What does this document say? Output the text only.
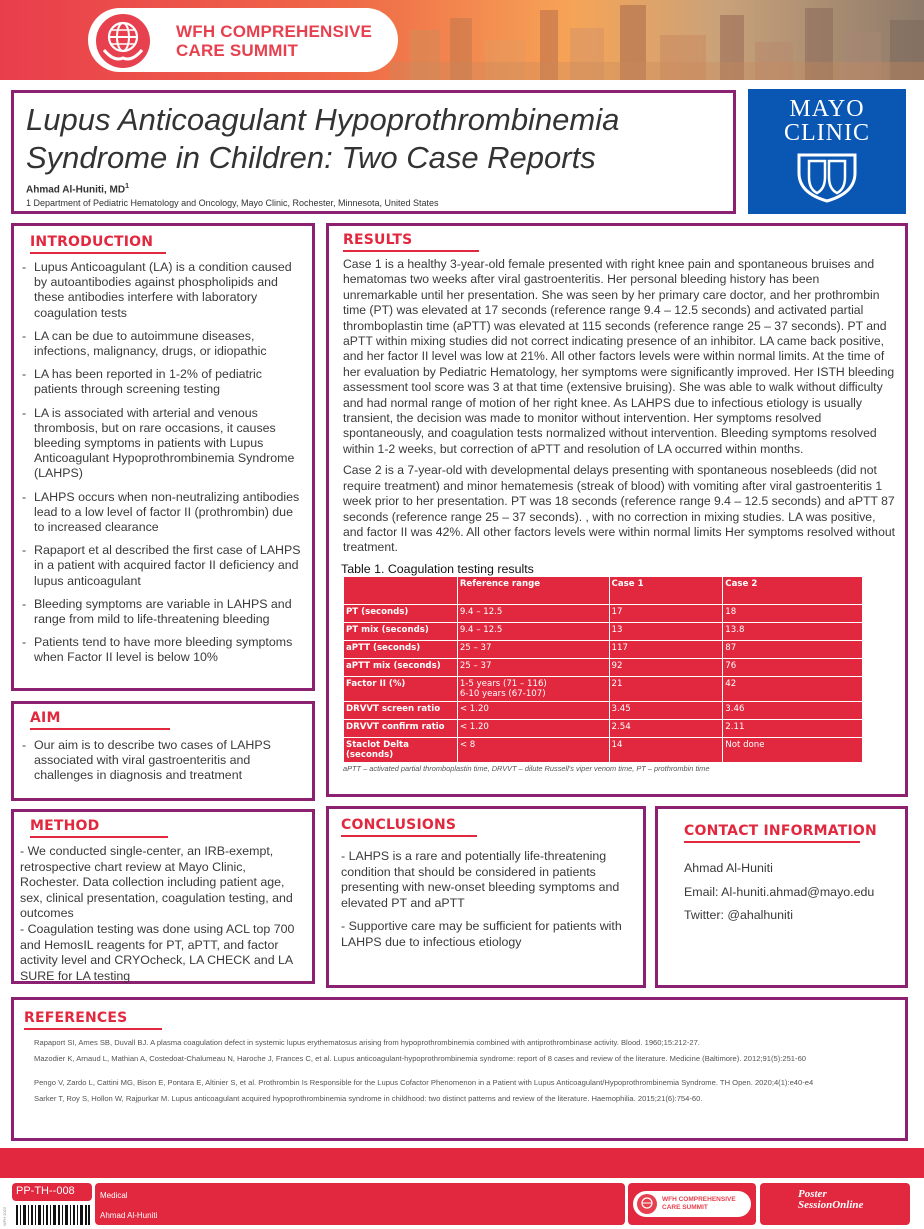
WFH COMPREHENSIVE
CARE SUMMIT
Lupus Anticoagulant Hypoprothrombinemia
Syndrome in Children: Two Case Reports
Ahmad Al-Huniti, $MD^1$
1 Department of Pediatric Hematology and Oncology, Mayo Clinic, Rochester, Minnesota, United States
MAYO
CLINIC
INTRODUCTION
- Lupus Anticoagulant (LA) is a condition caused by autoantibodies against phospholipids and these antibodies interfere with laboratory coagulation tests
- LA can be due to autoimmune diseases, infections, malignancy, drugs, or idiopathic
- LA has been reported in 1-2% of pediatric patients through screening testing
- LA is associated with arterial and venous thrombosis, but on rare occasions, it causes bleeding symptoms in patients with Lupus Anticoagulant Hypoprothrombinemia Syndrome (LAHPS)
- LAHPS occurs when non-neutralizing antibodies lead to a low level of factor II (prothrombin) due to increased clearance
- Rapaport et al described the first case of LAHPS in a patient with acquired factor II deficiency and lupus anticoagulant
- Bleeding symptoms are variable in LAHPS and range from mild to life-threatening bleeding
- Patients tend to have more bleeding symptoms when Factor II level is below 10%
AIM
- Our aim is to describe two cases of LAHPS associated with viral gastroenteritis and challenges in diagnosis and treatment
METHOD
- We conducted single-center, an IRB-exempt, retrospective chart review at Mayo Clinic, Rochester. Data collection including patient age, sex, clinical presentation, coagulation testing, and outcomes
- Coagulation testing was done using ACL top 700 and HemosIL reagents for PT, aPTT, and factor activity level and CRYOcheck, LA CHECK and LA SURE for LA testing
RESULTS

Case 1 is a healthy 3-year-old female presented with right knee pain and spontaneous bruises and hematomas two weeks after viral gastroenteritis. Her personal bleeding history has been unremarkable until her presentation. She was seen by her primary care doctor, and her prothrombin time (PT) was elevated at 17 seconds (reference range 9.4 – 12.5 seconds) and activated partial thromboplastin time (aPTT) was elevated at 115 seconds (reference range 25 – 37 seconds). PT and aPTT within mixing studies did not correct indicating presence of an inhibitor. LA came back positive, and her factor II level was low at 21%. All other factors levels were within normal limits. At the time of her evaluation by Pediatric Hematology, her symptoms were significantly improved. Her ISTH bleeding assessment tool score was 3 at that time (extensive bruising). She was able to walk without difficulty and had normal range of motion of her right knee. As LAHPS due to infectious etiology is usually transient, the decision was made to monitor without intervention. Her symptoms resolved spontaneously, and coagulation tests normalized without intervention. Bleeding symptoms resolved within 1-2 weeks, but correction of aPTT and resolution of LA occurred within months.

Case 2 is a 7-year-old with developmental delays presenting with spontaneous nosebleeds (did not require treatment) and minor hematemesis (streak of blood) with vomiting after viral gastroenteritis 1 week prior to her presentation. PT was 18 seconds (reference range 9.4 – 12.5 seconds) and aPTT 87 seconds (reference range 25 – 37 seconds). , with no correction in mixing studies. LA was positive, and factor II was 42%. All other factors levels were within normal limits Her symptoms resolved without treatment.

Table 1. Coagulation testing results
	Reference range	Case 1	Case 2
PT (seconds)	9.4 – 12.5	17	18
PT mix (seconds)	9.4 – 12.5	13	13.8
aPTT (seconds)	25 – 37	117	87
aPTT mix (seconds)	25 – 37	92	76
Factor II (%)	1-5 years (71 – 116)
6-10 years (67-107)	21	42
DRVVT screen ratio	< 1.20	3.45	3.46
DRVVT confirm ratio	< 1.20	2.54	2.11
Staclot Delta (seconds)	< 8	14	Not done
aPTT – activated partial thromboplastin time, DRVVT – dilute Russell's viper venom time, PT – prothrombin time
CONCLUSIONS
- LAHPS is a rare and potentially life-threatening condition that should be considered in patients presenting with new-onset bleeding symptoms and elevated PT and aPTT
- Supportive care may be sufficient for patients with LAHPS due to infectious etiology
CONTACT INFORMATION
Ahmad Al-Huniti
Email: Al-huniti.ahmad@mayo.edu
Twitter: @ahalhuniti
REFERENCES

Rapaport SI, Ames SB, Duvall BJ. A plasma coagulation defect in systemic lupus erythematosus arising from hypoprothrombinemia combined with antiprothrombinase activity. Blood. 1960;15:212-27.

Mazodier K, Arnaud L, Mathian A, Costedoat-Chalumeau N, Haroche J, Frances C, et al. Lupus anticoagulant-hypoprothrombinemia syndrome: report of 8 cases and review of the literature. Medicine (Baltimore). 2012;91(5):251-60

Pengo V, Zardo L, Cattini MG, Bison E, Pontara E, Altinier S, et al. Prothrombin Is Responsible for the Lupus Cofactor Phenomenon in a Patient with Lupus Anticoagulant/Hypoprothrombinemia Syndrome. TH Open. 2020;4(1):e40-e4

Sarker T, Roy S, Hollon W, Rajpurkar M. Lupus anticoagulant acquired hypoprothrombinemia syndrome in childhood: two distinct patterns and review of the literature. Haemophilia. 2015;21(6):754-60.

WFH 2022
PP-TH--008	Medical
Ahmad Al-Huniti
WFH COMPREHENSIVE
CARE SUMMIT
Poster
SessionOnline
